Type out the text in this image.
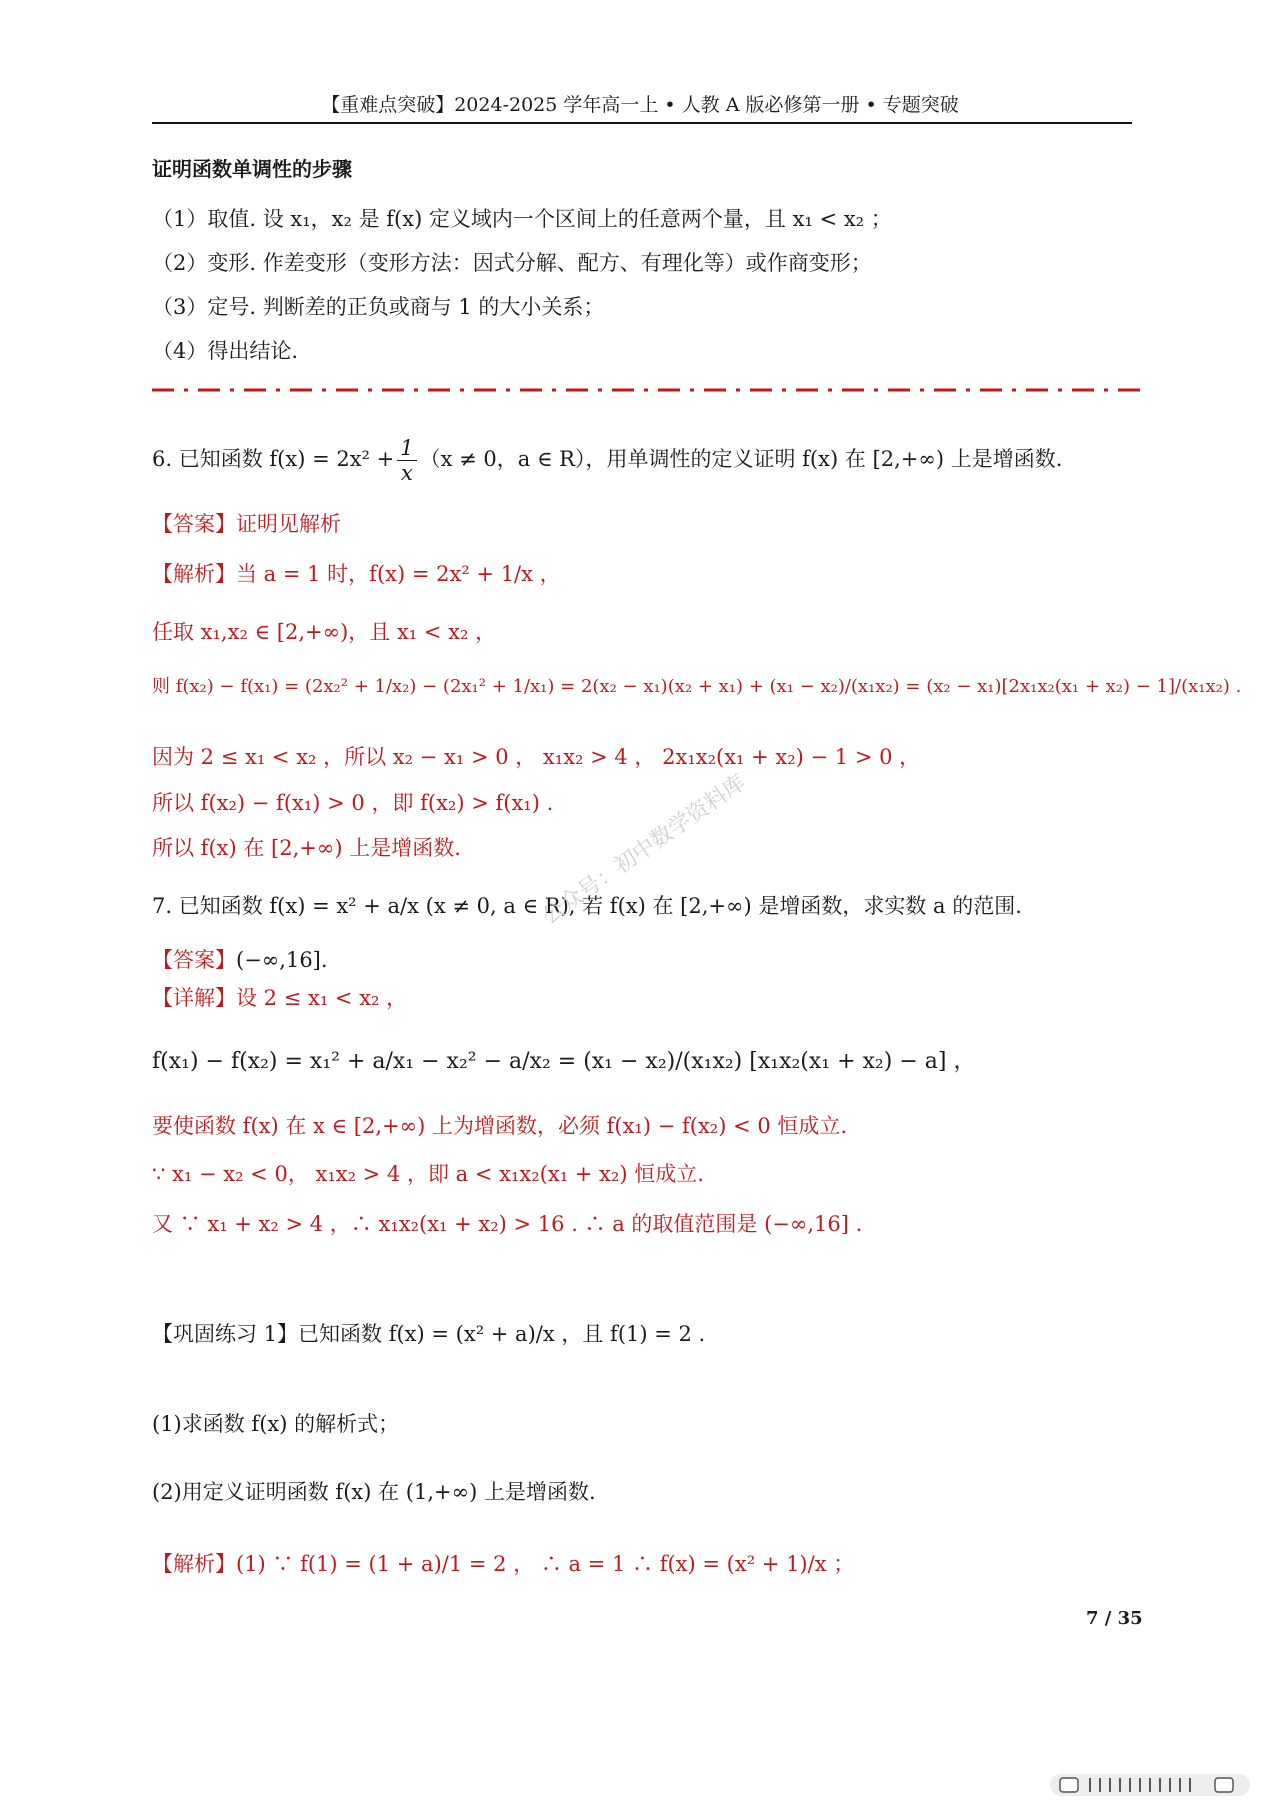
【重难点突破】2024-2025 学年高一上 • 人教 A 版必修第一册 • 专题突破
证明函数单调性的步骤
（1）取值. 设 x₁，x₂ 是 f(x) 定义域内一个区间上的任意两个量，且 x₁ < x₂ ；
（2）变形. 作差变形（变形方法：因式分解、配方、有理化等）或作商变形；
（3）定号. 判断差的正负或商与 1 的大小关系；
（4）得出结论.
6. 已知函数 $f(x) = 2x^2 + \frac{1}{x} (x \ne 0$，a ∈ R），用单调性的定义证明 f(x) 在 [2,+∞) 上是增函数.
【答案】证明见解析
【解析】当 a = 1 时，f(x) = 2x² + 1/x ，
任取 x₁,x₂ ∈ [2,+∞)，且 x₁ < x₂ ，
则 f(x₂) − f(x₁) = (2x₂² + 1/x₂) − (2x₁² + 1/x₁) = 2(x₂ − x₁)(x₂ + x₁) + (x₁ − x₂)/(x₁x₂) = (x₂ − x₁)[2x₁x₂(x₁ + x₂) − 1]/(x₁x₂) .
因为 2 ≤ x₁ < x₂ ，所以 x₂ − x₁ > 0 ， x₁x₂ > 4 ， 2x₁x₂(x₁ + x₂) − 1 > 0 ，
所以 f(x₂) − f(x₁) > 0 ，即 f(x₂) > f(x₁) .
所以 f(x) 在 [2,+∞) 上是增函数.
7. 已知函数 f(x) = x² + a/x (x ≠ 0, a ∈ R), 若 f(x) 在 [2,+∞) 是增函数，求实数 a 的范围.
【答案】(−∞,16].
【详解】设 2 ≤ x₁ < x₂ ，
f(x₁) − f(x₂) = x₁² + a/x₁ − x₂² − a/x₂ = (x₁ − x₂)/(x₁x₂) [x₁x₂(x₁ + x₂) − a] ，
要使函数 f(x) 在 x ∈ [2,+∞) 上为增函数，必须 f(x₁) − f(x₂) < 0 恒成立.
∵ x₁ − x₂ < 0， x₁x₂ > 4 ，即 a < x₁x₂(x₁ + x₂) 恒成立.
又 ∵ x₁ + x₂ > 4 ，∴ x₁x₂(x₁ + x₂) > 16 . ∴ a 的取值范围是 (−∞,16] .
【巩固练习 1】已知函数 f(x) = (x² + a)/x ，且 f(1) = 2 .
(1)求函数 f(x) 的解析式；
(2)用定义证明函数 f(x) 在 (1,+∞) 上是增函数.
【解析】(1) ∵ f(1) = (1 + a)/1 = 2 ， ∴ a = 1 ∴ f(x) = (x² + 1)/x ；
7 / 35
公众号：初中数学资料库
